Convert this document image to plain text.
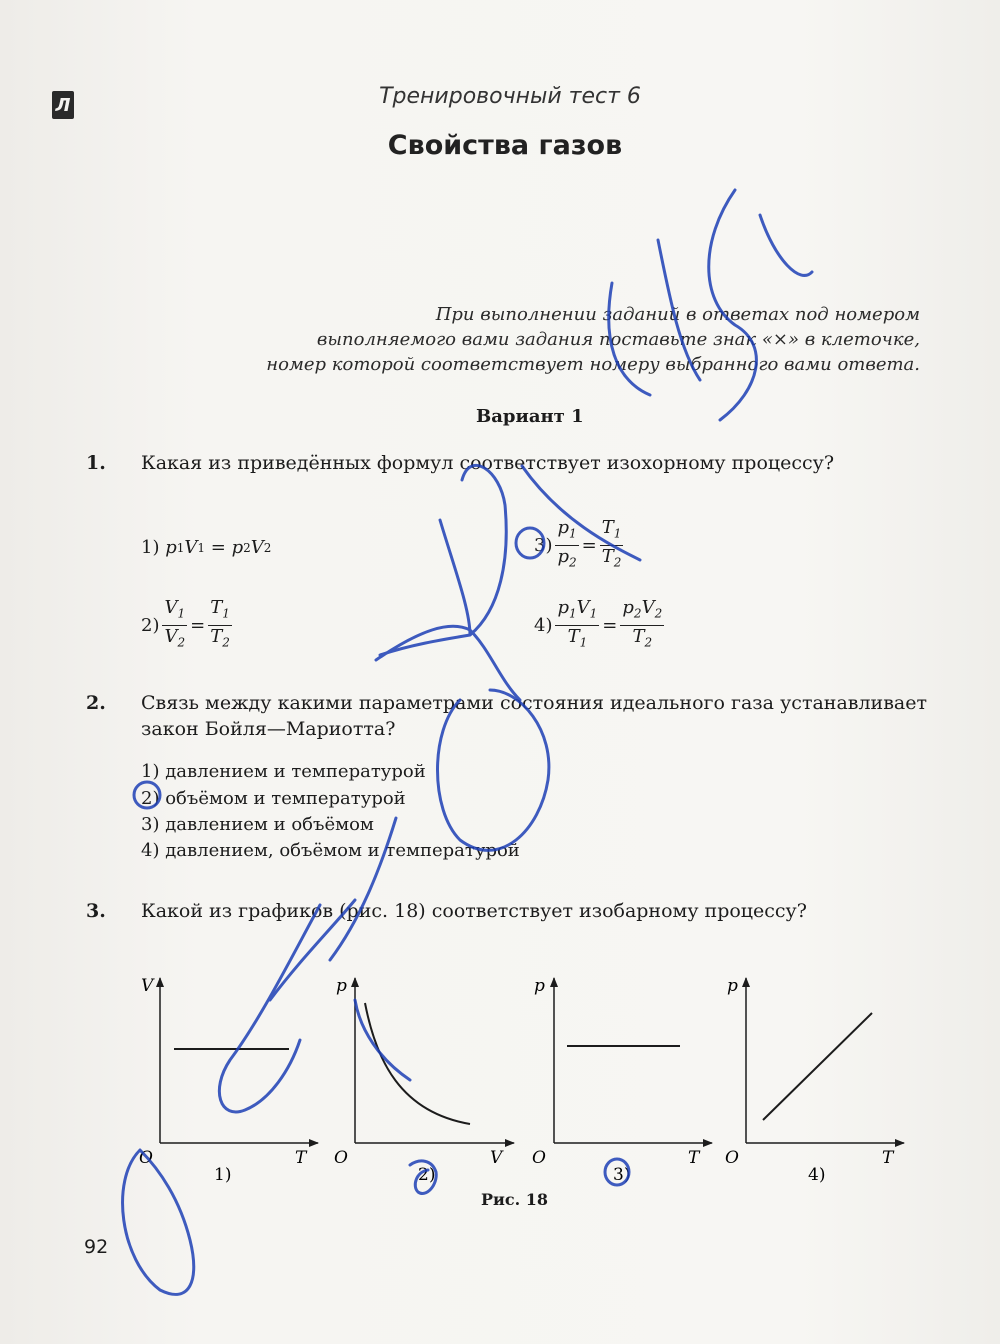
Л	Тренировочный тест 6
Свойства газов
При выполнении заданий в ответах под номером
выполняемого вами задания поставьте знак «×» в клеточке,
номер которой соответствует номеру выбранного вами ответа.
Вариант 1
1. Какая из приведённых формул соответствует изохорному процессу?
1)
p 1 V 1 = p 2 V 2
$2) \frac{V_1}{V_2} = \frac{T_1}{T_2}$
$3) \frac{p_1}{p_2} = \frac{T_1}{T_2}$
$4) \frac{p_1V_1}{T_1} = \frac{p_2V_2}{T_2}$
2. Связь между какими параметрами состояния идеального газа устанавливает закон Бойля—Мариотта?
1) давлением и температурой
2) объёмом и температурой
3) давлением и объёмом
4) давлением, объёмом и температурой
3. Какой из графиков (рис. 18) соответствует изобарному процессу?
V
T
O
1)
p
V
O
2)
p
T
O
3)
p
T
O
4)
Рис. 18
92
